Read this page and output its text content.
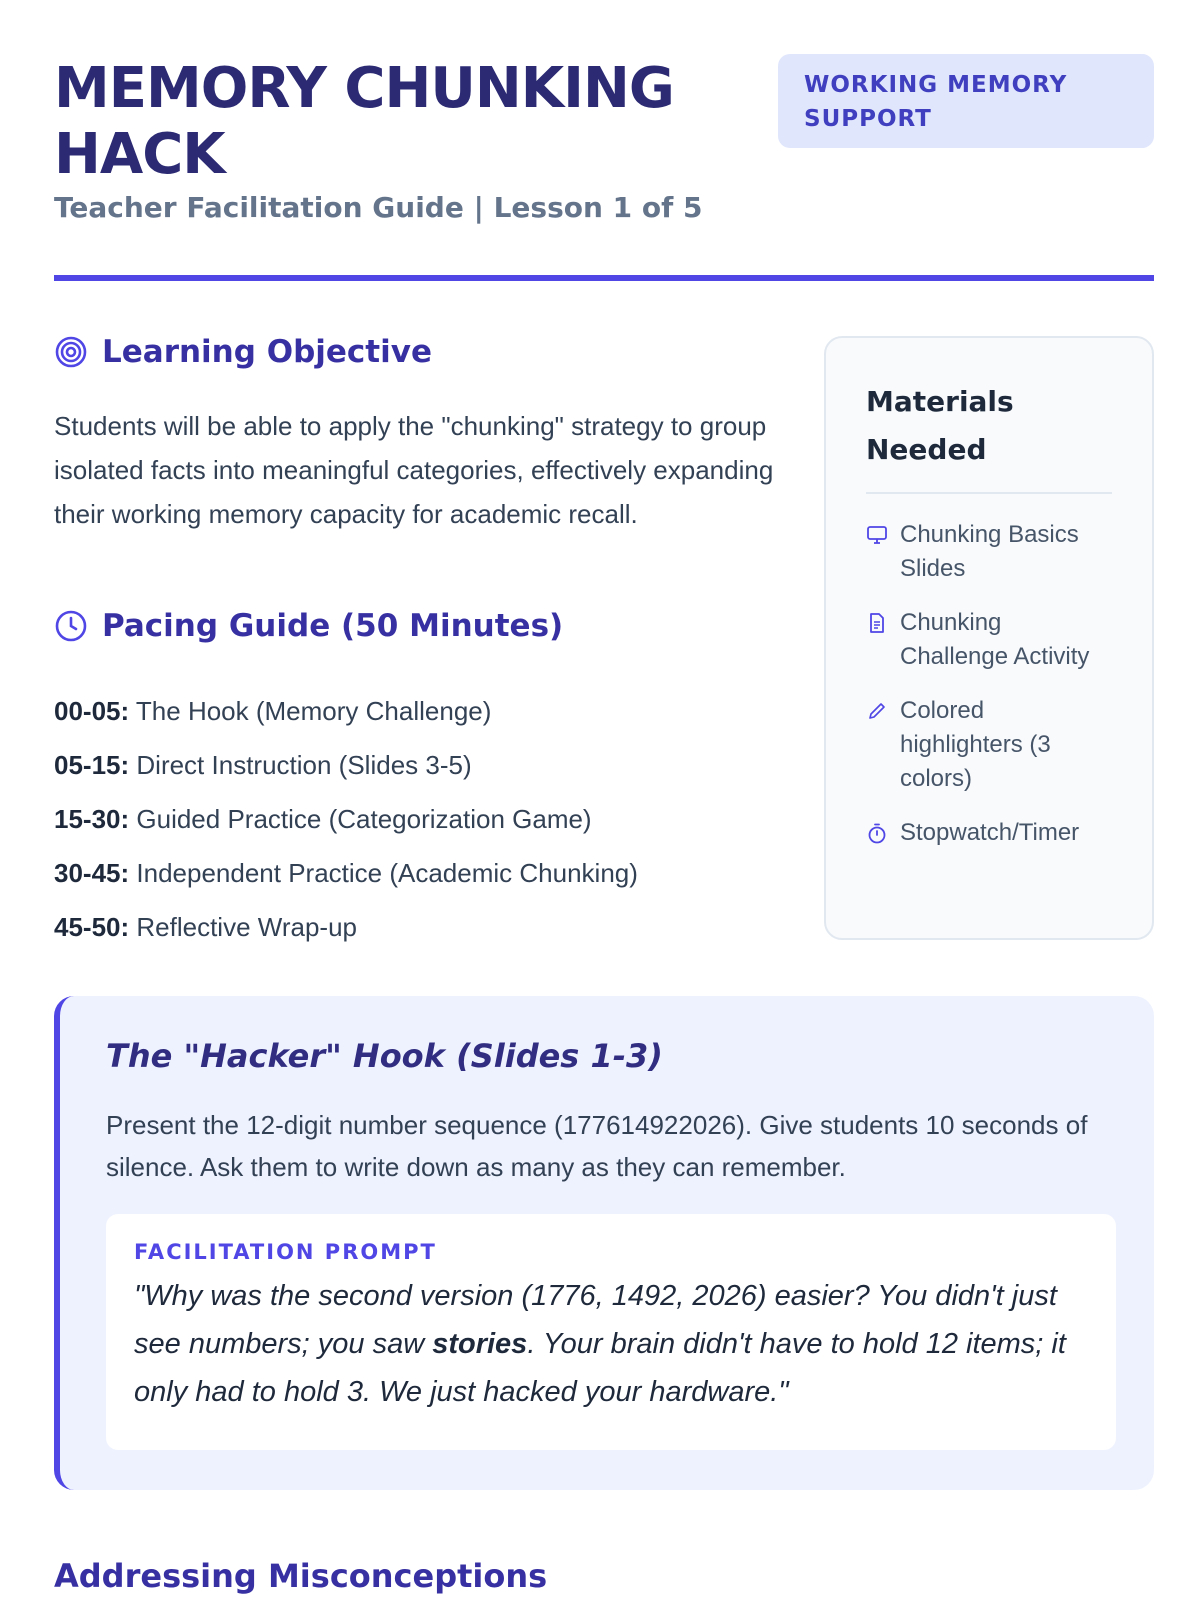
MEMORY CHUNKING HACK

Teacher Facilitation Guide | Lesson 1 of 5

WORKING MEMORY SUPPORT
Learning Objective

Students will be able to apply the "chunking" strategy to group isolated facts into meaningful categories, effectively expanding their working memory capacity for academic recall.

Pacing Guide (50 Minutes)
00-05: The Hook (Memory Challenge)
05-15: Direct Instruction (Slides 3-5)
15-30: Guided Practice (Categorization Game)
30-45: Independent Practice (Academic Chunking)
45-50: Reflective Wrap-up
Materials Needed
Chunking Basics Slides
Chunking Challenge Activity
Colored highlighters (3 colors)
Stopwatch/Timer
The "Hacker" Hook (Slides 1-3)

Present the 12-digit number sequence (177614922026). Give students 10 seconds of silence. Ask them to write down as many as they can remember.

FACILITATION PROMPT

"Why was the second version (1776, 1492, 2026) easier? You didn't just see numbers; you saw stories. Your brain didn't have to hold 12 items; it only had to hold 3. We just hacked your hardware."

Addressing Misconceptions
